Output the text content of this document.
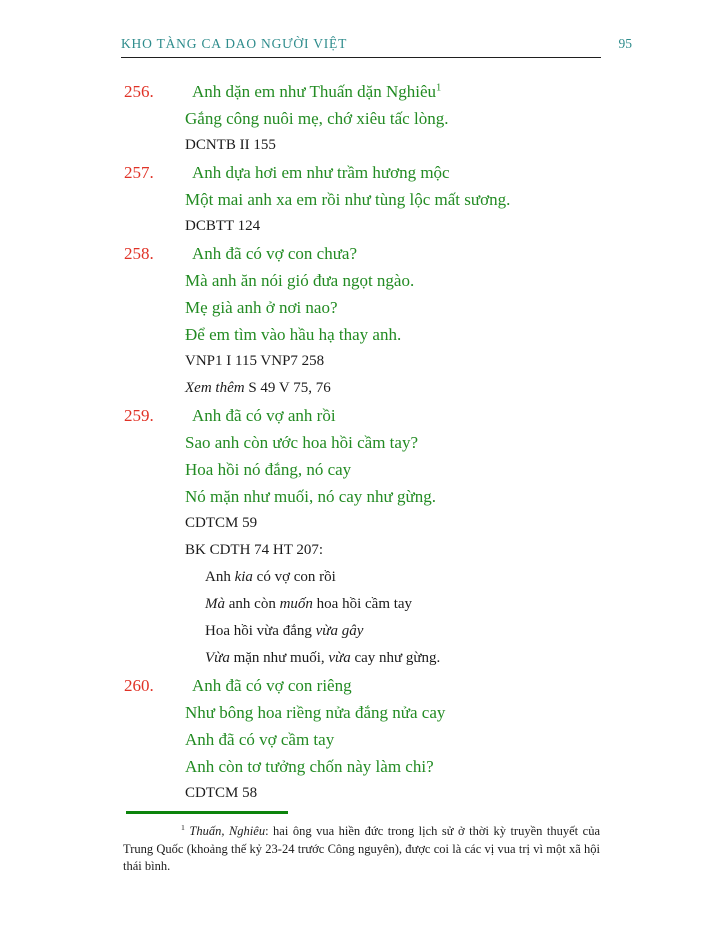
KHO TÀNG CA DAO NGƯỜI VIỆT	95
256. Anh dặn em như Thuấn dặn Nghiêu$^1$
Gắng công nuôi mẹ, chớ xiêu tấc lòng.
DCNTB II 155
257. Anh dựa hơi em như trầm hương mộc
Một mai anh xa em rồi như tùng lộc mất sương.
DCBTT 124
258. Anh đã có vợ con chưa?
Mà anh ăn nói gió đưa ngọt ngào.
Mẹ già anh ở nơi nao?
Để em tìm vào hầu hạ thay anh.
VNP1 I 115 VNP7 258
Xem thêm S 49 V 75, 76
259. Anh đã có vợ anh rồi
Sao anh còn ước hoa hồi cầm tay?
Hoa hồi nó đắng, nó cay
Nó mặn như muối, nó cay như gừng.
CDTCM 59
BK CDTH 74 HT 207:
Anh kia có vợ con rồi
Mà anh còn muốn hoa hồi cầm tay
Hoa hồi vừa đắng vừa gây
Vừa mặn như muối, vừa cay như gừng.
260. Anh đã có vợ con riêng
Như bông hoa riềng nửa đắng nửa cay
Anh đã có vợ cầm tay
Anh còn tơ tưởng chốn này làm chi?
CDTCM 58
$^1$ Thuấn, Nghiêu: hai ông vua hiền đức trong lịch sử ở thời kỳ truyền thuyết của Trung Quốc (khoảng thế kỷ 23-24 trước Công nguyên), được coi là các vị vua trị vì một xã hội thái bình.
